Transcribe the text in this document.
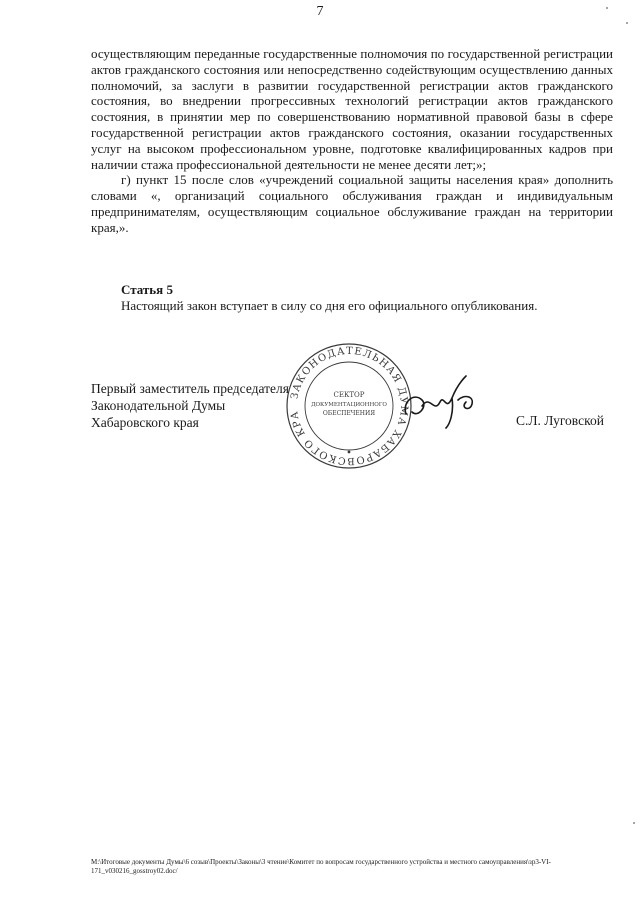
7

осуществляющим переданные государственные полномочия по государственной регистрации актов гражданского состояния или непосредственно содействующим осуществлению данных полномочий, за заслуги в развитии государственной регистрации актов гражданского состояния, во внедрении прогрессивных технологий регистрации актов гражданского состояния, в принятии мер по совершенствованию нормативной правовой базы в сфере государственной регистрации актов гражданского состояния, оказании государственных услуг на высоком профессиональном уровне, подготовке квалифицированных кадров при наличии стажа профессиональной деятельности не менее десяти лет;»;

г) пункт 15 после слов «учреждений социальной защиты населения края» дополнить словами «, организаций социального обслуживания граждан и индивидуальным предпринимателям, осуществляющим социальное обслуживание граждан на территории края,».

Статья 5
Настоящий закон вступает в силу со дня его официального опубликования.
ЗАКОНОДАТЕЛЬНАЯ ДУМА ХАБАРОВСКОГО КРА
СЕКТОР
ДОКУМЕНТАЦИОННОГО
ОБЕСПЕЧЕНИЯ
Первый заместитель председателя
Законодательной Думы
Хабаровского края	С.Л. Луговской
M:\Итоговые документы Думы\6 созыв\Проекты\Законы\3 чтение\Комитет по вопросам государственного устройства и местного самоуправления\зр3-VI-171_v030216_gosstroy02.doc/
